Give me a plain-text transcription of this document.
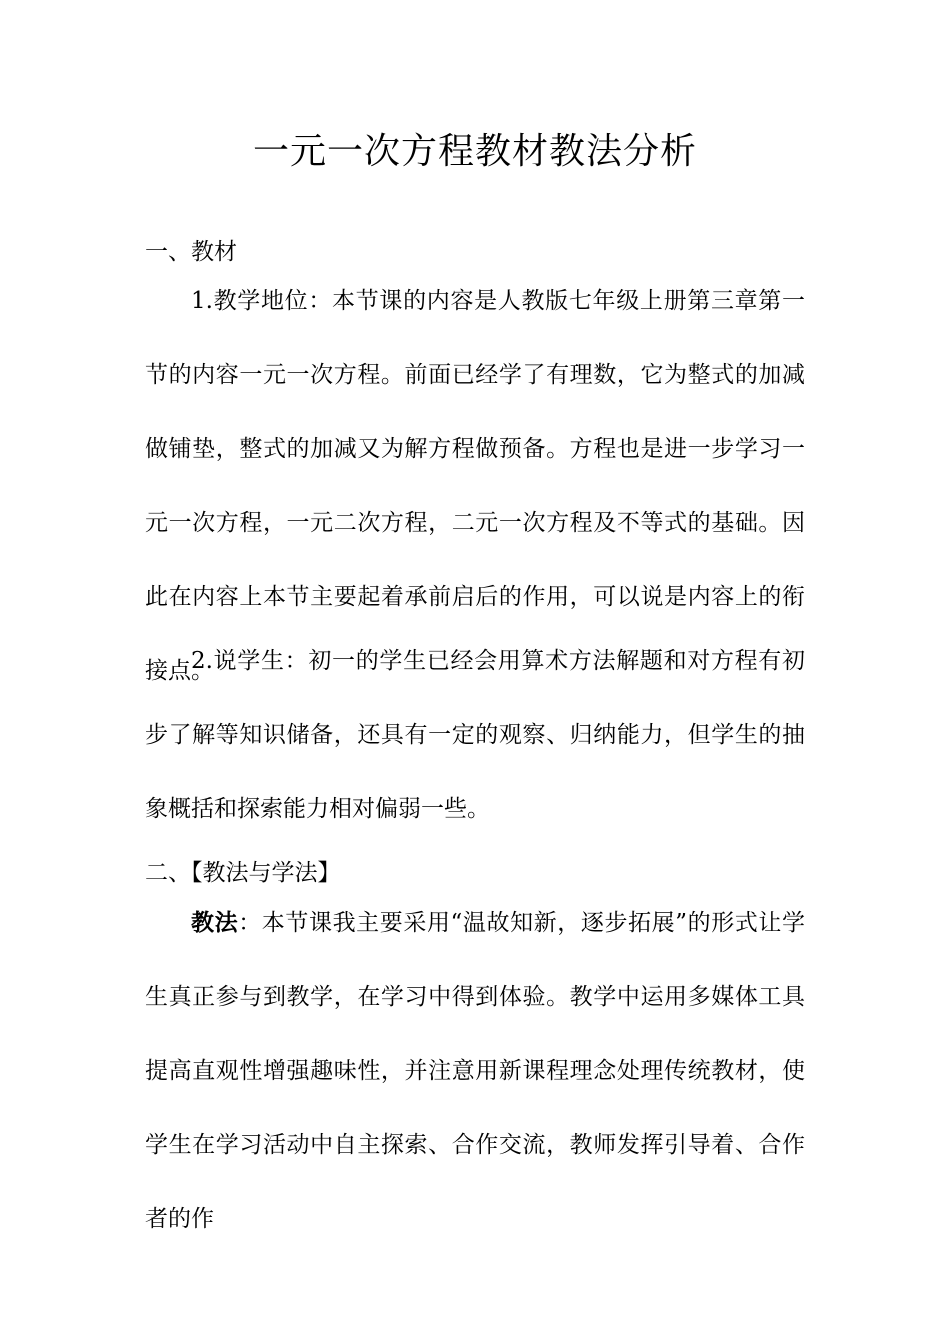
一元一次方程教材教法分析
一、教材

1.教学地位：本节课的内容是人教版七年级上册第三章第一节的内容一元一次方程。前面已经学了有理数，它为整式的加减做铺垫，整式的加减又为解方程做预备。方程也是进一步学习一元一次方程，一元二次方程，二元一次方程及不等式的基础。因此在内容上本节主要起着承前启后的作用，可以说是内容上的衔接点。

2.说学生：初一的学生已经会用算术方法解题和对方程有初步了解等知识储备，还具有一定的观察、归纳能力，但学生的抽象概括和探索能力相对偏弱一些。

二、【教法与学法】

教法：本节课我主要采用“温故知新，逐步拓展”的形式让学生真正参与到教学，在学习中得到体验。教学中运用多媒体工具提高直观性增强趣味性，并注意用新课程理念处理传统教材，使学生在学习活动中自主探索、合作交流，教师发挥引导着、合作者的作
